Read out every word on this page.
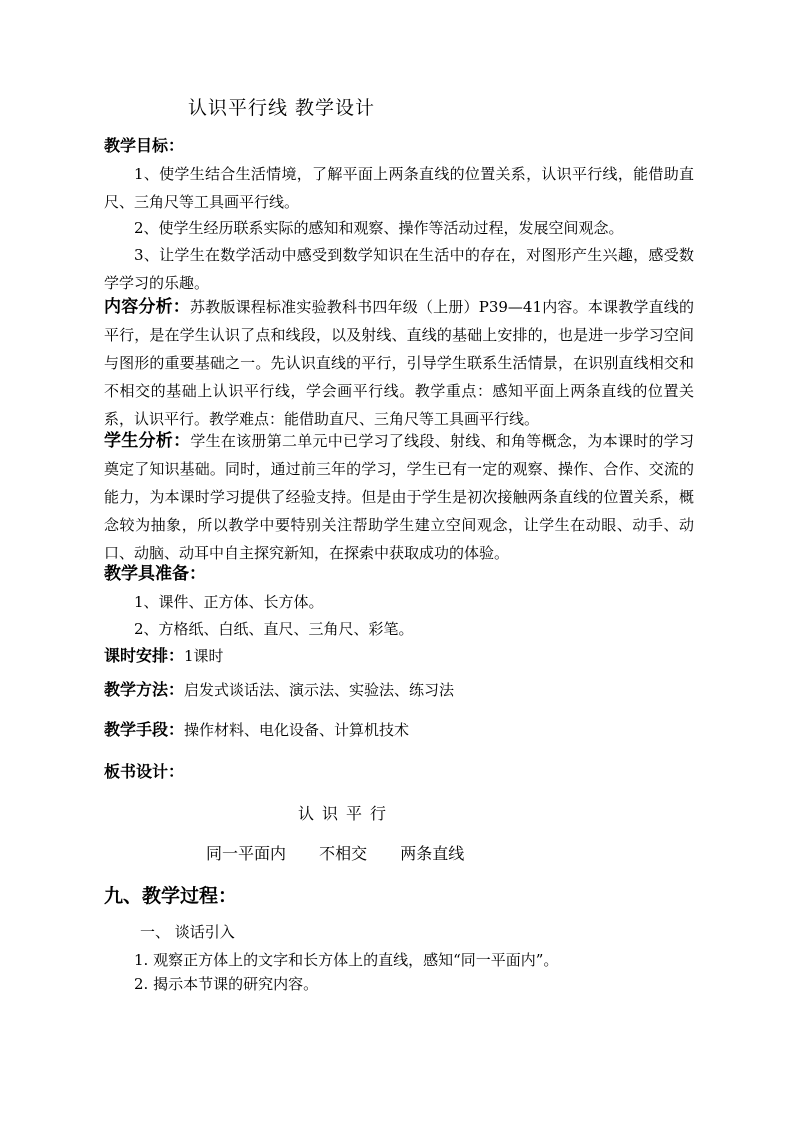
认识平行线 教学设计
教学目标：
1、使学生结合生活情境，了解平面上两条直线的位置关系，认识平行线，能借助直尺、三角尺等工具画平行线。
2、使学生经历联系实际的感知和观察、操作等活动过程，发展空间观念。
3、让学生在数学活动中感受到数学知识在生活中的存在，对图形产生兴趣，感受数学学习的乐趣。
内容分析：苏教版课程标准实验教科书四年级（上册）P39—41内容。本课教学直线的平行，是在学生认识了点和线段，以及射线、直线的基础上安排的，也是进一步学习空间与图形的重要基础之一。先认识直线的平行，引导学生联系生活情景，在识别直线相交和不相交的基础上认识平行线，学会画平行线。教学重点：感知平面上两条直线的位置关系，认识平行。教学难点：能借助直尺、三角尺等工具画平行线。
学生分析：学生在该册第二单元中已学习了线段、射线、和角等概念，为本课时的学习奠定了知识基础。同时，通过前三年的学习，学生已有一定的观察、操作、合作、交流的能力，为本课时学习提供了经验支持。但是由于学生是初次接触两条直线的位置关系，概念较为抽象，所以教学中要特别关注帮助学生建立空间观念，让学生在动眼、动手、动口、动脑、动耳中自主探究新知，在探索中获取成功的体验。
教学具准备：
1、课件、正方体、长方体。
2、方格纸、白纸、直尺、三角尺、彩笔。
课时安排：1课时
教学方法：启发式谈话法、演示法、实验法、练习法
教学手段：操作材料、电化设备、计算机技术
板书设计：
认识平行
同一平面内 不相交 两条直线
九、教学过程：
一、 谈话引入
1. 观察正方体上的文字和长方体上的直线，感知“同一平面内”。
2. 揭示本节课的研究内容。
